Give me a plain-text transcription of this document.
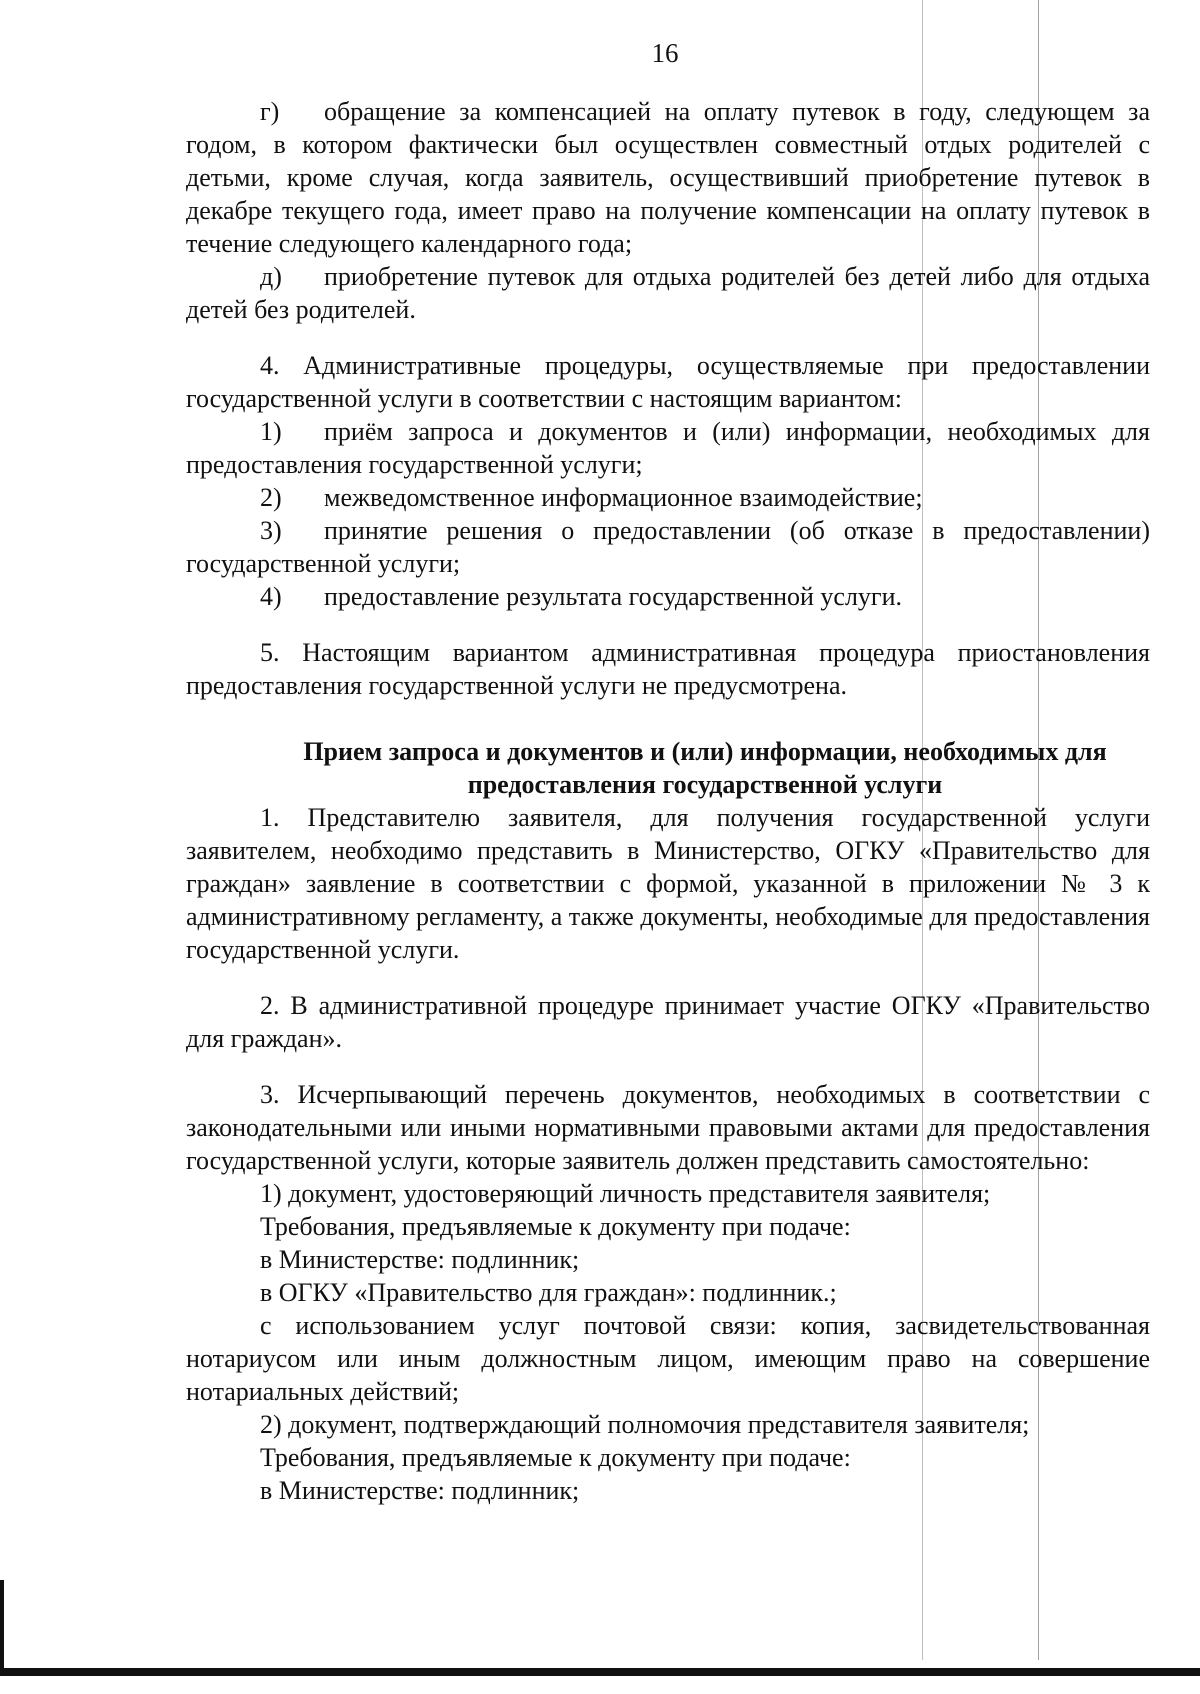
16

г) обращение за компенсацией на оплату путевок в году, следующем за годом, в котором фактически был осуществлен совместный отдых родителей с детьми, кроме случая, когда заявитель, осуществивший приобретение путевок в декабре текущего года, имеет право на получение компенсации на оплату путевок в течение следующего календарного года;

д) приобретение путевок для отдыха родителей без детей либо для отдыха детей без родителей.

4. Административные процедуры, осуществляемые при предоставлении государственной услуги в соответствии с настоящим вариантом:

1) приём запроса и документов и (или) информации, необходимых для предоставления государственной услуги;

2) межведомственное информационное взаимодействие;

3) принятие решения о предоставлении (об отказе в предоставлении) государственной услуги;

4) предоставление результата государственной услуги.

5. Настоящим вариантом административная процедура приостановления предоставления государственной услуги не предусмотрена.

Прием запроса и документов и (или) информации, необходимых для
предоставления государственной услуги

1. Представителю заявителя, для получения государственной услуги заявителем, необходимо представить в Министерство, ОГКУ «Правительство для граждан» заявление в соответствии с формой, указанной в приложении № 3 к административному регламенту, а также документы, необходимые для предоставления государственной услуги.

2. В административной процедуре принимает участие ОГКУ «Правительство для граждан».

3. Исчерпывающий перечень документов, необходимых в соответствии с законодательными или иными нормативными правовыми актами для предоставления государственной услуги, которые заявитель должен представить самостоятельно:

1) документ, удостоверяющий личность представителя заявителя;

Требования, предъявляемые к документу при подаче:

в Министерстве: подлинник;

в ОГКУ «Правительство для граждан»: подлинник.;

с использованием услуг почтовой связи: копия, засвидетельствованная нотариусом или иным должностным лицом, имеющим право на совершение нотариальных действий;

2) документ, подтверждающий полномочия представителя заявителя;

Требования, предъявляемые к документу при подаче:

в Министерстве: подлинник;
